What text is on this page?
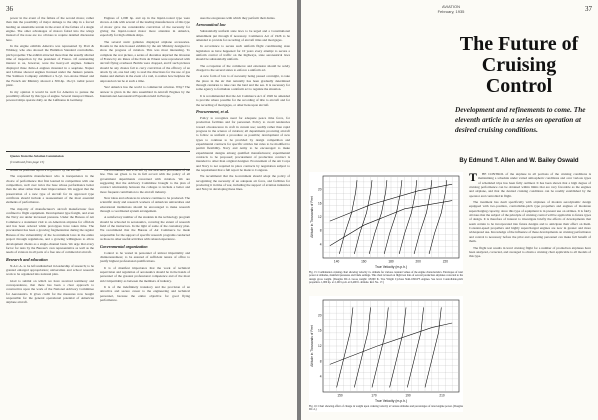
36

power in the event of the failure of the second motor, rather than risk the possibility of major damage to the ship in a forced landing on unsuitable terrain in the event of the failure of a single engine. The other advantages of motors faired into the wings instead of the nose are too obvious to require detailed discussion here.

In the engine exhibits America was represented by Pratt & Whitney, who also showed the Hamilton Standard controllable-pitch propeller. The exhibit attracted more than the usually allotted time of inspection by the president of France. Of outstanding interest to us, however, were the heavy-oil engines. Junkers displayed three Jumo-4 engines mounted in a seaplane. Napier and Lilloise showed engines licensed under the Junkers patents. The Salmson Company exhibited a 9-cyl. two-stroke Diesel and the French Air Ministry showed a 300-hp. 16-cyl. radial power plant.

In my opinion it would be well for America to pursue the possibility offered by this type of engine. Several transport Diesel-powered ships operate daily on the Lufthansa in Germany.

Engines of 1,000 hp. and up in the liquid-cooled type were shown. A talk with several of the leading manufacturers of this type of motor gave me considerable conviction of the necessity for giving the liquid-cooled motor more attention in America, especially for high altitude ships.

The several static galleries displayed airplane accessories. Rooms in the side housed exhibits by the Air Ministry designed to show the progress of aviation. This was most interesting. To complete the war picture, a series of dioramas depicted the invasion of France by air. Rates of the Paris de l'Ouest were reproduced with aircraft flying overhead. Bombs were dropped, and if such pictures should be any chance fail to carry conviction of the efficacy of an attack by air, one had only to read the directions for the use of gas masks and shelters in the event of a raid, to realize how helpless the unprotected can be at such a time.

Yes! America has the world to commercial aviation. Why? The answer is given in the data assembled in Aircraft Engines by the International Aeronautical Exposition held in Europe.

uses the exogenous with which they perform their duties.

Aeronautical law

Substantially uniform state laws to be urged and a Constitutional amendment put through if necessary. Commerce Act of 1926 to be amended to provide for recording of aircraft titles and mortgages.

In accordance to secure such uniform flight conditioning state legislation as have happened for 10 years every attempt to secure a uniform control of traffic on the highways, state aeronautical laws should be substantially uniform.

The occupation of the commerce and extension should be solely charged to the several states to enforce a uniform act.

A new form of law is of necessity being passed overnight, to take the place in the air that naturally has been gradually determined through centuries to take care the land and the sea. It is necessary for some agency to formulate a uniform act to regulate the situation.

It is recommended that the Air Commerce Act of 1926 be amended to provide where possible for the recording of title to aircraft and for the recording of mortgages, or other liens upon aircraft.

Procurement, et al.

Policy to recognize need for adequate peace time force, for production facilities and for personnel. Policy to avoid tendencies toward obsolescence in craft in current use; readily rather than rapid progress in the science of aviation; all departments procuring aircraft to follow as uniform a procedure as possible; development of new types to continue to be provided by design competition and experimental contracts for specific articles but rules to be modified to permit flexibility. Navy and Army to be encouraged to make experimental designs among qualified manufacturers; experimental contracts to be proposed; procurement of production contract is intended to other than original designer. Procurement of the Air Corps and Navy is not required in place contracts by negotiation subject to the requirement that a full report be made to Congress.

We recommend that the Government should adopt the policy of recognizing the necessity of an adequate air force, and facilities for producing it in time of war, including the support of aviation industries and Navy in developing these lines.

Quotes from the Aviation Commission

(Continued from page 15)

would be preferred report it is given to by the aircraft.

The responsible manufacturer who is inexperience in the choice of performance that first learned in competition with one competition, well over twice the base whose performance better than the other rather than their improvement. We suggest that the preservation of a new type of aircraft for its approved type certificate should include a reassessment of the most essential elements of performance.

The majority of manufacturer's aircraft manufacturer face confined to flight equipment. Development type freight, and even the Navy are under increased pressure. Under the Bureau of Air Commerce a statement visit to an American airplane for officials and has been ordered while prototypes have taken time. The procurement has been a growing fragmentation during the regular Bureau of the vulnerability of the Government laws in the entire project through regulations, and a growing willingness to allow development clients as a single-channel basis. We urge that every factor for tests by the Bureau's own representative as well as the needs of aviators in all parts of a free rate of commercial aircraft.

Research and education

N.A.C.A. to be left undisturbed in leadership of research; to be granted enlarged appropriation; universities and school research work to be organized into national plan.

Glad to submit on which we have received testimony and correspondence, that there has been a clear approach to constructive upon the work of the National Advisory Committee for Aeronautics. It gives credit for the measures now bought responsible for the general operational potential of American airplane aircraft.

We recommend that it be left by the structural procedures of the law. This set given to be in full accord with the policy of all government departments concerned with aviation. We are suggesting that the Advisory Committee brought to the plan of contract relationship between the colleges to include a better and more frequent contribution to the aircraft industry.

New ideas and advances in science continue to be produced. The scientific study and research workers of American universities and educational institutions should be encouraged to make research through a coordinated system arrangement.

A satisfactory number of the students in the technology program should be schooled in aeronautics, covering the extent of research field of the instructors. In the light of some of the customary plan. We recommend that the Bureau of Air Commerce be made responsible for the support of specific research programs conducted as those in other useful activities with related experience.

Governmental organization

Control to be vested in personnel of utmost impartiality and disinterestedness; to be ensured of sufficient tenure of office to justify highest professional qualifications.

It is of manifest importance that the work of technical supervision and regulation of aeronautics should be in the hands of personnel of the greatest professional competence and of the most strict impartiality as between the members of industry.

It is of the indefinitely transitory and the provision of an attractive and secure career to the engineering and technical personnel, because the entire objective for good flying performance.

AVIATION
February, 1935	37

The Future of Cruising Control

Development and refinements to come. The eleventh article in a series on operation at desired cruising conditions.

By Edmund T. Allen and W. Bailey Oswald
140	160	180	200	220
4
8
12
16
20
True Velocity (m.p.h.)
Altitude in Thousands of Feet
Fig. 15: Combination cruising chart showing velocity vs. altitude for various constant values of the engine characteristics. Envelopes of total power at altitudes, manifold pressures and blade settings. This chart is based on flight test data of several production airplanes corrected to the design gross weight. (Douglas DC-2. Gross weight: 18,000 lb. Two Wright Cyclone SGR-1820-F3 engines. Sea level. Controllable-pitch propellers. 1,000 hp. at 2,100 r.p.m. at 6,400 ft. altitude. Ref. No. 17.)
150	170	190	210
4
8
12
16
20
True Velocity (m.p.h.)
Altitude in Thousands of Feet
Fig. 16: Chart showing effect of change in weight upon cruising velocity at various altitudes and percentages of rated engine power. (Douglas DC-2.)
T	HE CONTROL of the airplane in all portions of the cruising conditions is maintaining a schedule under varied atmospheric conditions and over various types of scheduled trips has been fully outlined. It has been shown that a high degree of cruising performance can be obtained within limits that are very favorable as the engines and airplane, and that the desired cruising conditions can be readily established by the operator and controlled in flight.

The treatment has dealt specifically with airplanes of modern aerodynamic design equipped with two-position, controllable-pitch type propellers and engines of moderate supercharging capacity, since this type of equipment is in present use on airlines. It is fairly obvious that the subject of the principle of cruising control will be applicable to future types of design. It is therefore of interest to investigate briefly the effects of developments that seem certain to be incorporated into future designs and to anticipate their effect on them. Constant-speed propellers and highly supercharged engines are now in greater and more widespread use. Knowledge of the influence of these developments on cruising performance and control is necessary before the pilot and operating personnel can make full benefit of them.

The flight test results in level cruising flight for a number of production airplanes have been analyzed, corrected, and averaged to obtain a cruising chart applicable to all models of this type.
